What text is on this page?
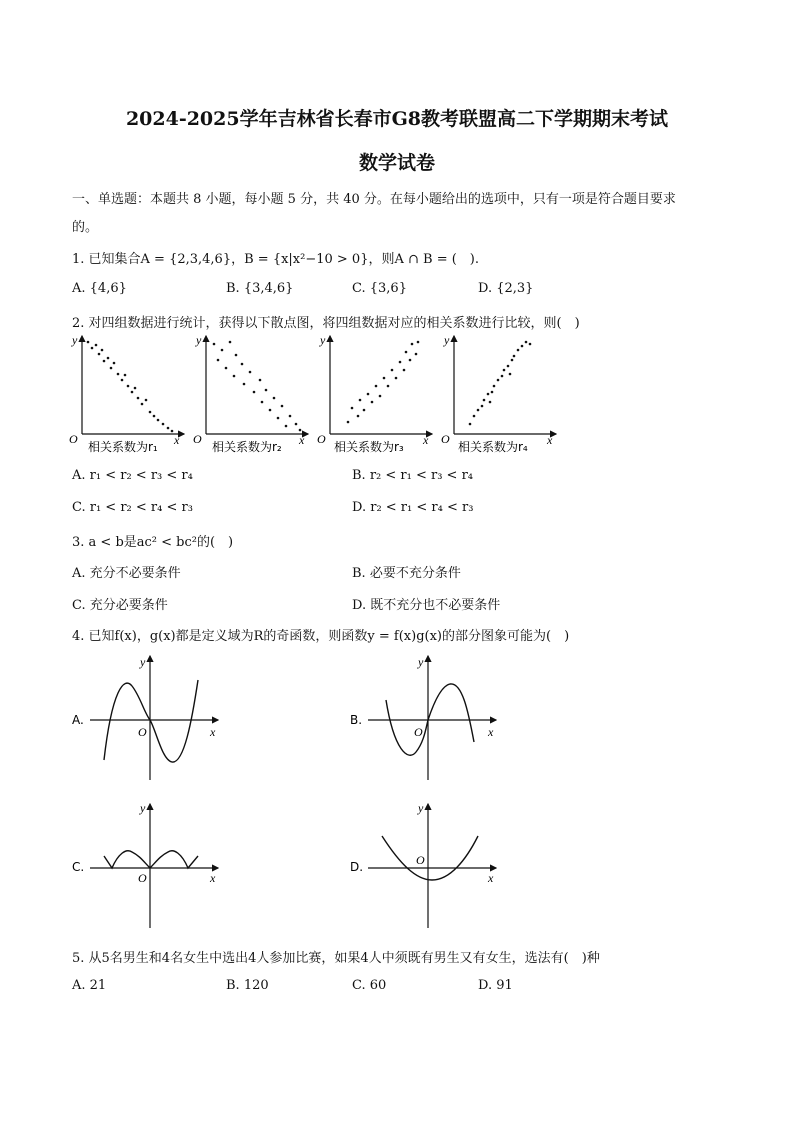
2024-2025学年吉林省长春市G8教考联盟高二下学期期末考试
数学试卷
一、单选题：本题共 8 小题，每小题 5 分，共 40 分。在每小题给出的选项中，只有一项是符合题目要求
的。
1. 已知集合A = {2,3,4,6}，B = {x|x²−10 > 0}，则A ∩ B = (　).
A. {4,6}	B. {3,4,6}	C. {3,6}	D. {2,3}
2. 对四组数据进行统计，获得以下散点图，将四组数据对应的相关系数进行比较，则(　)
y
O	x
相关系数为r₁
y
O	x
相关系数为r₂
y
O	x
相关系数为r₃
y
O	x
相关系数为r₄
A. r₁ < r₂ < r₃ < r₄	B. r₂ < r₁ < r₃ < r₄
C. r₁ < r₂ < r₄ < r₃	D. r₂ < r₁ < r₄ < r₃
3. a < b是ac² < bc²的(　)
A. 充分不必要条件	B. 必要不充分条件
C. 充分必要条件	D. 既不充分也不必要条件
4. 已知f(x)，g(x)都是定义域为R的奇函数，则函数y = f(x)g(x)的部分图象可能为(　)
A.
y
x
O
B.
y
x
O
C.
y
x
O
D.
y
x
O
5. 从5名男生和4名女生中选出4人参加比赛，如果4人中须既有男生又有女生，选法有(　)种
A. 21	B. 120	C. 60	D. 91
